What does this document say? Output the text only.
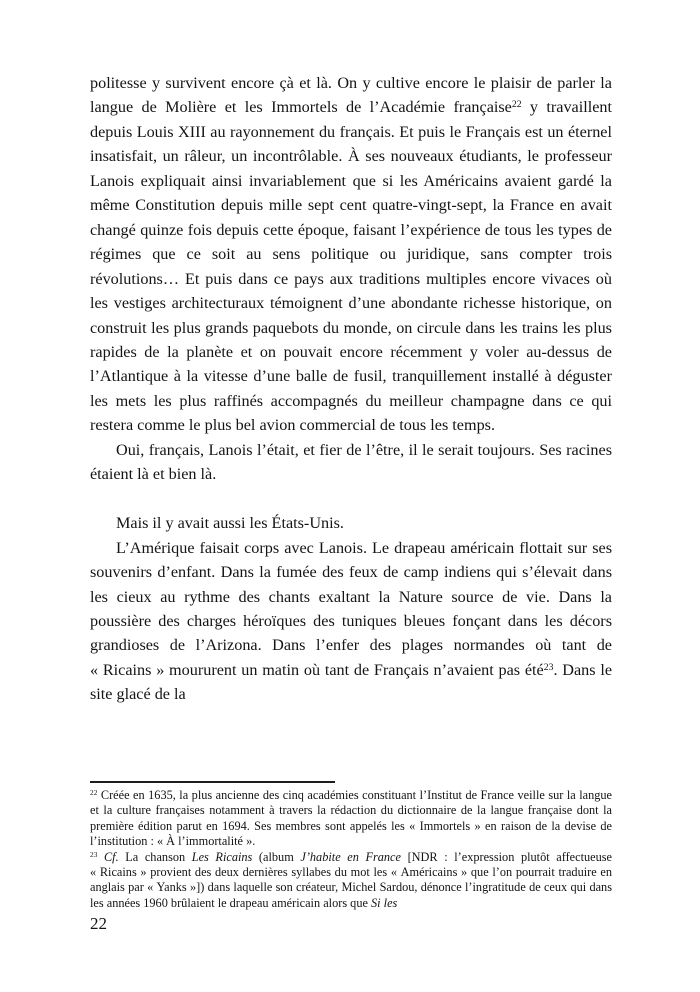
politesse y survivent encore çà et là. On y cultive encore le plaisir de parler la langue de Molière et les Immortels de l’Académie française$^{22}$ y travaillent depuis Louis XIII au rayonnement du français. Et puis le Français est un éternel insatisfait, un râleur, un incontrôlable. À ses nouveaux étudiants, le professeur Lanois expliquait ainsi invariablement que si les Américains avaient gardé la même Constitution depuis mille sept cent quatre-vingt-sept, la France en avait changé quinze fois depuis cette époque, faisant l’expérience de tous les types de régimes que ce soit au sens politique ou juridique, sans compter trois révolutions… Et puis dans ce pays aux traditions multiples encore vivaces où les vestiges architecturaux témoignent d’une abondante richesse historique, on construit les plus grands paquebots du monde, on circule dans les trains les plus rapides de la planète et on pouvait encore récemment y voler au-dessus de l’Atlantique à la vitesse d’une balle de fusil, tranquillement installé à déguster les mets les plus raffinés accompagnés du meilleur champagne dans ce qui restera comme le plus bel avion commercial de tous les temps.
Oui, français, Lanois l’était, et fier de l’être, il le serait toujours. Ses racines étaient là et bien là.
Mais il y avait aussi les États-Unis.
L’Amérique faisait corps avec Lanois. Le drapeau américain flottait sur ses souvenirs d’enfant. Dans la fumée des feux de camp indiens qui s’élevait dans les cieux au rythme des chants exaltant la Nature source de vie. Dans la poussière des charges héroïques des tuniques bleues fonçant dans les décors grandioses de l’Arizona. Dans l’enfer des plages normandes où tant de « Ricains » moururent un matin où tant de Français n’avaient pas été$^{23}$. Dans le site glacé de la
$^{22}$ Créée en 1635, la plus ancienne des cinq académies constituant l’Institut de France veille sur la langue et la culture françaises notamment à travers la rédaction du dictionnaire de la langue française dont la première édition parut en 1694. Ses membres sont appelés les « Immortels » en raison de la devise de l’institution : « À l’immortalité ».
$^{23}$ Cf. La chanson Les Ricains (album J’habite en France [NDR : l’expression plutôt affectueuse « Ricains » provient des deux dernières syllabes du mot les « Américains » que l’on pourrait traduire en anglais par « Yanks »]) dans laquelle son créateur, Michel Sardou, dénonce l’ingratitude de ceux qui dans les années 1960 brûlaient le drapeau américain alors que Si les
22
